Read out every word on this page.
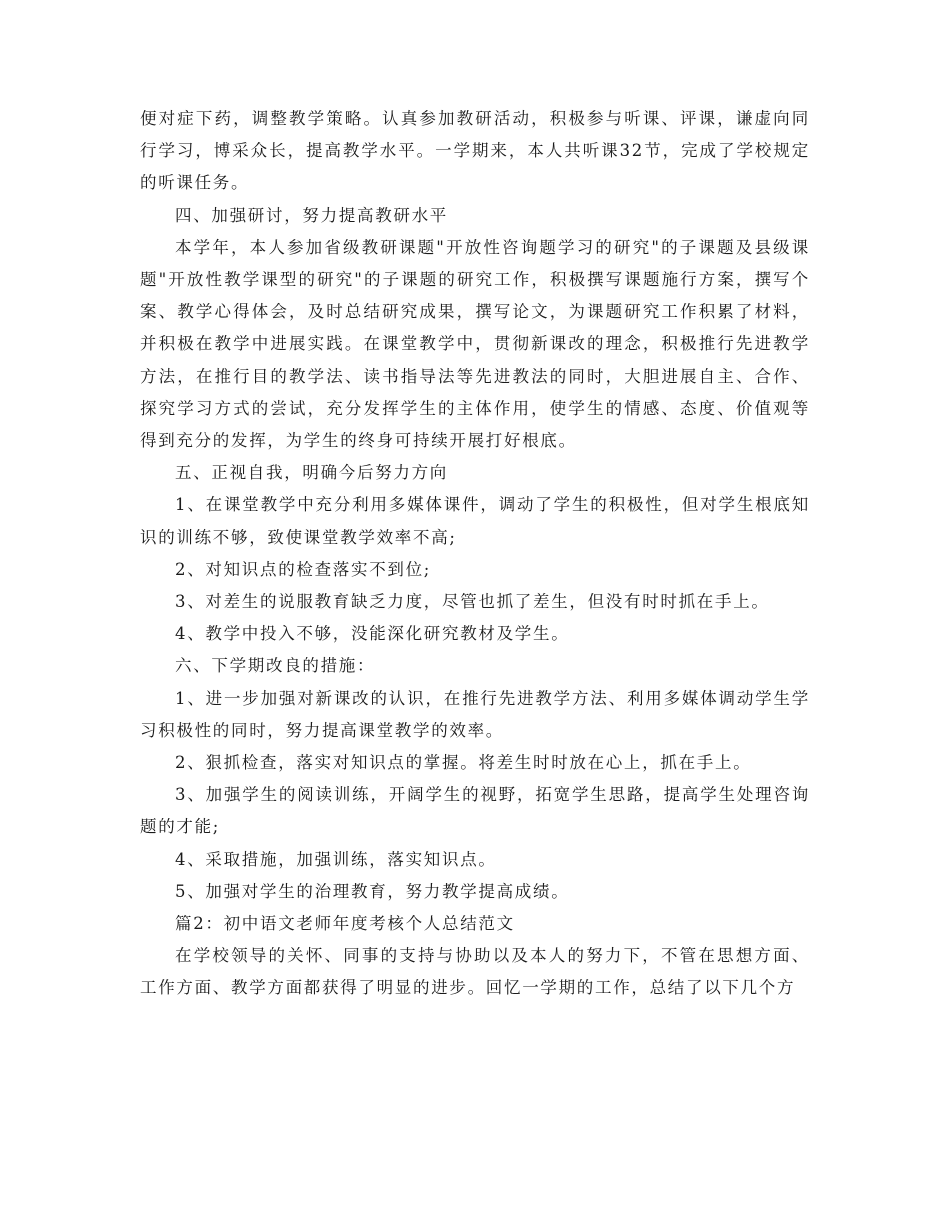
便对症下药，调整教学策略。认真参加教研活动，积极参与听课、评课，谦虚向同行学习，博采众长，提高教学水平。一学期来，本人共听课32节，完成了学校规定的听课任务。

四、加强研讨，努力提高教研水平

本学年，本人参加省级教研课题"开放性咨询题学习的研究"的子课题及县级课题"开放性教学课型的研究"的子课题的研究工作，积极撰写课题施行方案，撰写个案、教学心得体会，及时总结研究成果，撰写论文，为课题研究工作积累了材料，并积极在教学中进展实践。在课堂教学中，贯彻新课改的理念，积极推行先进教学方法，在推行目的教学法、读书指导法等先进教法的同时，大胆进展自主、合作、探究学习方式的尝试，充分发挥学生的主体作用，使学生的情感、态度、价值观等得到充分的发挥，为学生的终身可持续开展打好根底。

五、正视自我，明确今后努力方向

1、在课堂教学中充分利用多媒体课件，调动了学生的积极性，但对学生根底知识的训练不够，致使课堂教学效率不高;

2、对知识点的检查落实不到位;

3、对差生的说服教育缺乏力度，尽管也抓了差生，但没有时时抓在手上。

4、教学中投入不够，没能深化研究教材及学生。

六、下学期改良的措施：

1、进一步加强对新课改的认识，在推行先进教学方法、利用多媒体调动学生学习积极性的同时，努力提高课堂教学的效率。

2、狠抓检查，落实对知识点的掌握。将差生时时放在心上，抓在手上。

3、加强学生的阅读训练，开阔学生的视野，拓宽学生思路，提高学生处理咨询题的才能;

4、采取措施，加强训练，落实知识点。

5、加强对学生的治理教育，努力教学提高成绩。

篇2：初中语文老师年度考核个人总结范文

在学校领导的关怀、同事的支持与协助以及本人的努力下，不管在思想方面、工作方面、教学方面都获得了明显的进步。回忆一学期的工作，总结了以下几个方
